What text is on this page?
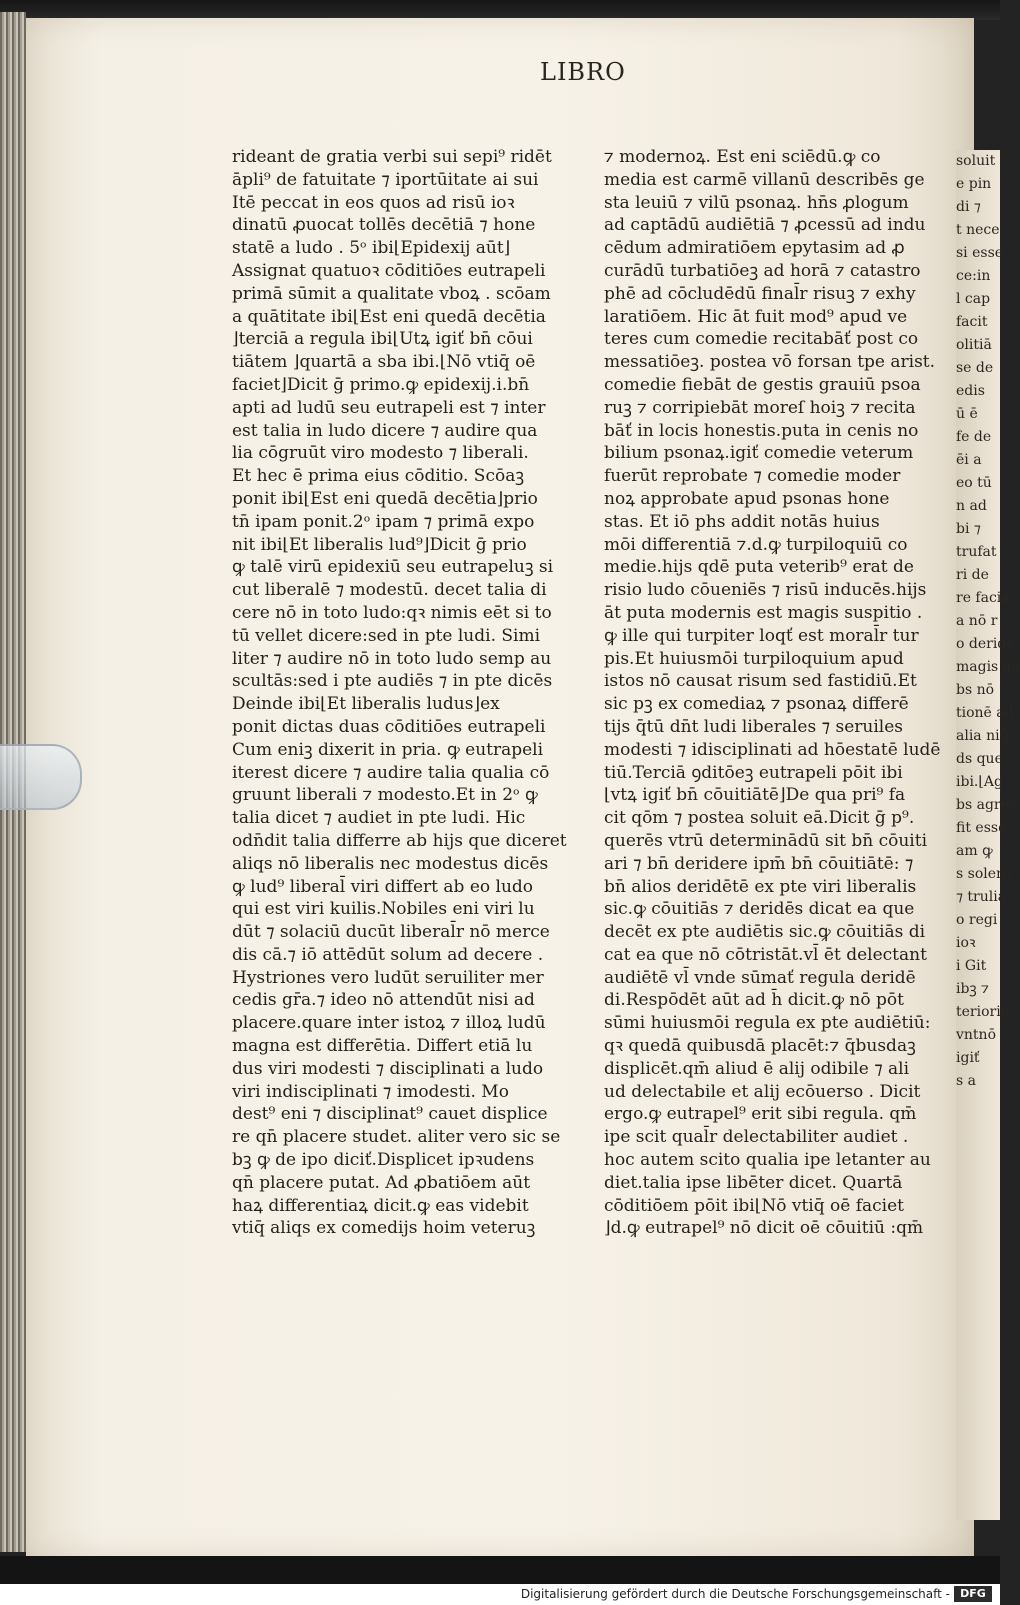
soluit
e pin
di ⁊
t nece
si esse
ce:in
l cap
facit
olitiā
se de
edis
ū ē
fe de
ēi a
eo tū
n ad
bi ⁊
trufat
ri de
re facia
a nō r
o deride
magis au
bs nō
tionē ad
alia niq̄
ds que
ibi.⌊Ag
bs agres
fit esse
am ꝙ
s solerē
⁊ trulia
o regi
ioꝛ
i Git
ibꝫ ⁊
teriorib
vntnō
igiť
s a
LIBRO
rideant de gratia verbi sui sepi⁹ ridēt
āpli⁹ de fatuitate ⁊ iportūitate ai sui
Itē peccat in eos quos ad risū ioꝛ
dinatū ꝓuocat tollēs decētiā ⁊ hone
statē a ludo . 5ᵒ ibi⌊Epidexij aūt⌋
Assignat quatuoꝛ cōditiōes eutrapeli
primā sūmit a qualitate vboꝝ . scōam
a quātitate ibi⌊Est eni quedā decētia
⌋terciā a regula ibi⌊Utꝝ igiť bn̄ cōui
tiātem ⌋quartā a sba ibi.⌊Nō vtiq̄ oē
faciet⌋Dicit ḡ primo.ꝙ epidexij.i.bn̄
apti ad ludū seu eutrapeli est ⁊ inter
est talia in ludo dicere ⁊ audire qua
lia cōgruūt viro modesto ⁊ liberali.
Et hec ē prima eius cōditio. Scōaꝫ
ponit ibi⌊Est eni quedā decētia⌋prio
tn̄ ipam ponit.2ᵒ ipam ⁊ primā expo
nit ibi⌊Et liberalis lud⁹⌋Dicit ḡ prio
ꝙ talē virū epidexiū seu eutrapeluꝫ si
cut liberalē ⁊ modestū. decet talia di
cere nō in toto ludo:qꝛ nimis eēt si to
tū vellet dicere:sed in pte ludi. Simi
liter ⁊ audire nō in toto ludo semp au
scultās:sed i pte audiēs ⁊ in pte dicēs
Deinde ibi⌊Et liberalis ludus⌋ex
ponit dictas duas cōditiōes eutrapeli
Cum eniꝫ dixerit in pria. ꝙ eutrapeli
iterest dicere ⁊ audire talia qualia cō
gruunt liberali ⁊ modesto.Et in 2ᵒ ꝙ
talia dicet ⁊ audiet in pte ludi. Hic
odn̄dit talia differre ab hijs que diceret
aliqs nō liberalis nec modestus dicēs
ꝙ lud⁹ liberal̄ viri differt ab eo ludo
qui est viri kuilis.Nobiles eni viri lu
dūt ⁊ solaciū ducūt liberal̄r nō merce
dis cā.⁊ iō attēdūt solum ad decere .
Hystriones vero ludūt seruiliter mer
cedis gr̄a.⁊ ideo nō attendūt nisi ad
placere.quare inter istoꝝ ⁊ illoꝝ ludū
magna est differētia. Differt etiā lu
dus viri modesti ⁊ disciplinati a ludo
viri indisciplinati ⁊ imodesti. Mo
dest⁹ eni ⁊ disciplinat⁹ cauet displice
re qn̄ placere studet. aliter vero sic se
bꝫ ꝙ de ipo diciť.Displicet ipꝛudens
qn̄ placere putat. Ad ꝓbatiōem aūt
haꝝ differentiaꝝ dicit.ꝙ eas videbit
vtiq̄ aliqs ex comedijs hoim veteruꝫ
⁊ modernoꝝ. Est eni sciēdū.ꝙ co
media est carmē villanū describēs ge
sta leuiū ⁊ vilū psonaꝝ. hn̄s ꝓlogum
ad captādū audiētiā ⁊ ꝓcessū ad indu
cēdum admiratiōem epytasim ad ꝓ
curādū turbatiōeꝫ ad horā ⁊ catastro
phē ad cōcludēdū final̄r risuꝫ ⁊ exhy
laratiōem. Hic āt fuit mod⁹ apud ve
teres cum comedie recitabāť post co
messatiōeꝫ. postea vō forsan tpe arist.
comedie fiebāt de gestis grauiū psoa
ruꝫ ⁊ corripiebāt moreſ hoiꝫ ⁊ recita
bāť in locis honestis.puta in cenis no
bilium psonaꝝ.igiť comedie veterum
fuerūt reprobate ⁊ comedie moder
noꝝ approbate apud psonas hone
stas. Et iō phs addit notās huius
mōi differentiā ⁊.d.ꝙ turpiloquiū co
medie.hijs qdē puta veterib⁹ erat de
risio ludo cōueniēs ⁊ risū inducēs.hijs
āt puta modernis est magis suspitio .
ꝙ ille qui turpiter loqť est moral̄r tur
pis.Et huiusmōi turpiloquium apud
istos nō causat risum sed fastidiū.Et
sic pꝫ ex comediaꝝ ⁊ psonaꝝ differē
tijs q̄tū dn̄t ludi liberales ⁊ seruiles
modesti ⁊ idisciplinati ad hōestatē ludē
tiū.Terciā ꝯditōeꝫ eutrapeli pōit ibi
⌊vtꝝ igiť bn̄ cōuitiātē⌋De qua pri⁹ fa
cit qōm ⁊ postea soluit eā.Dicit ḡ p⁹.
querēs vtrū determinādū sit bn̄ cōuiti
ari ⁊ bn̄ deridere ipm̄ bn̄ cōuitiātē: ⁊
bn̄ alios deridētē ex pte viri liberalis
sic.ꝙ cōuitiās ⁊ deridēs dicat ea que
decēt ex pte audiētis sic.ꝙ cōuitiās di
cat ea que nō cōtristāt.vl̄ ēt delectant
audiētē vl̄ vnde sūmať regula deridē
di.Respōdēt aūt ad h̄ dicit.ꝙ nō pōt
sūmi huiusmōi regula ex pte audiētiū:
qꝛ quedā quibusdā placēt:⁊ q̄busdaꝫ
displicēt.qm̄ aliud ē alij odibile ⁊ ali
ud delectabile et alij ecōuerso . Dicit
ergo.ꝙ eutrapel⁹ erit sibi regula. qm̄
ipe scit qual̄r delectabiliter audiet .
hoc autem scito qualia ipe letanter au
diet.talia ipse libēter dicet. Quartā
cōditiōem pōit ibi⌊Nō vtiq̄ oē faciet
⌋d.ꝙ eutrapel⁹ nō dicit oē cōuitiū :qm̄
Digitalisierung gefördert durch die Deutsche Forschungsgemeinschaft - DFG
